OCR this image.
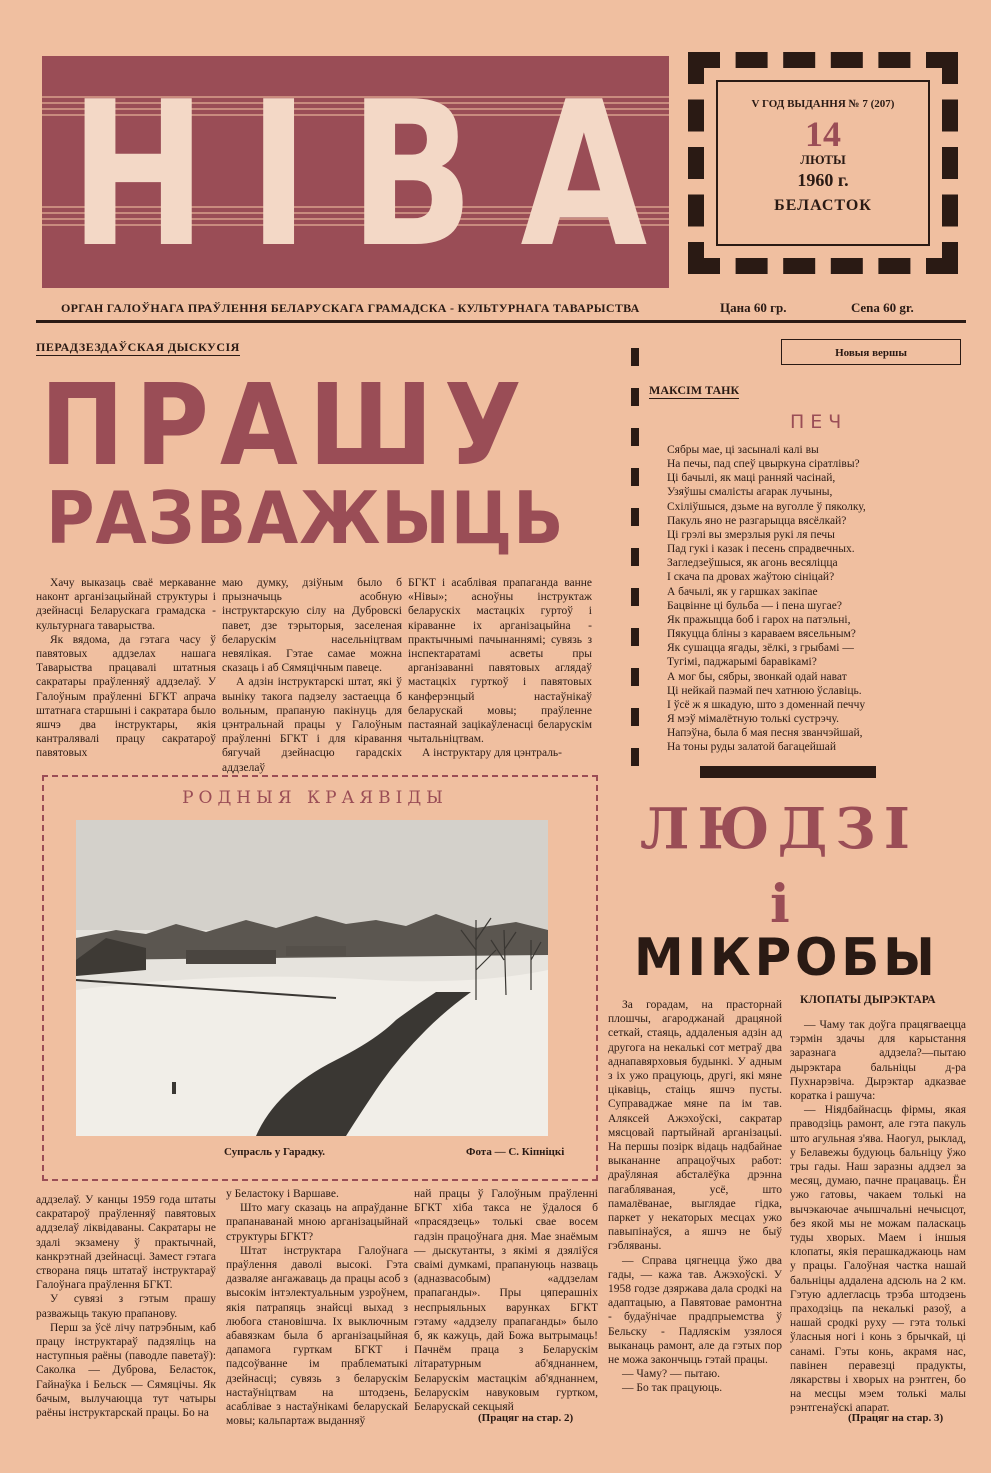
Н І В А	V ГОД ВЫДАННЯ № 7 (207)
14
ЛЮТЫ
1960 г.
БЕЛАСТОК
ОРГАН ГАЛОЎНАГА ПРАЎЛЕННЯ БЕЛАРУСКАГА ГРАМАДСКА - КУЛЬТУРНАГА ТАВАРЫСТВА	Цана 60 гр.	Cena 60 gr.
ПЕРАДЗЕЗДАЎСКАЯ ДЫСКУСІЯ
ПРАШУ
РАЗВАЖЫЦЬ

Хачу выказаць сваё меркаванне наконт арганізацыйнай структуры і дзейнасці Беларускага грамадска - культурнага таварыства.

Як вядома, да гэтага часу ў павятовых аддзелах нашага Таварыства працавалі штатныя сакратары праўленняў аддзелаў. У Галоўным праўленні БГКТ апрача штатнага старшыні і сакратара было яшчэ два інструктары, якія кантралявалі працу сакратароў павятовых

маю думку, дзіўным было б прызначыць асобную інструктарскую сілу на Дубровскі павет, дзе тэрыторыя, заселеная беларускім насельніцтвам невялікая. Гэтае самае можна сказаць і аб Сямяцічным павеце.

А адзін інструктарскі штат, які ў выніку такога падзелу застаецца б вольным, прапаную пакінуць для цэнтральнай працы у Галоўным праўленні БГКТ і для кіравання бягучай дзейнасцю гарадскіх аддзелаў

БГКТ і асаблівая прапаганда ванне «Нівы»; асноўны інструктаж беларускіх мастацкіх гуртоў і кіраванне іх арганізацыйна - практычнымі пачынаннямі; сувязь з інспектаратамі асветы пры арганізаванні павятовых аглядаў мастацкіх гурткоў і павятовых канферэнцый настаўнікаў беларускай мовы; праўленне пастаянай зацікаўленасці беларускім чытальніцтвам.

А інструктару для цэнтраль-

Новыя вершы
МАКСІМ ТАНК
ПЕЧ
Сябры мае, ці засыналі калі вы
На печы, пад спеў цвыркуна сіратлівы?
Ці бачылі, як маці ранняй часінай,
Узяўшы смалісты агарак лучыны,
Схіліўшыся, дзьме на вуголле ў пяколку,
Пакуль яно не разгарыцца вясёлкай?
Ці грэлі вы змерзлыя рукі ля печы
Пад гукі і казак і песень спрадвечных.
Загледзеўшыся, як агонь весяліцца
І скача па дровах жаўтою сініцай?
А бачылі, як у гаршках закіпае
Бацвінне ці бульба — і пена шугае?
Як пражыцца боб і гарох на патэльні,
Пякуцца бліны з караваем вясельным?
Як сушацца ягады, зёлкі, з грыбамі —
Тугімі, паджарымі баравікамі?
А мог бы, сябры, звонкай одай нават
Ці нейкай паэмай печ хатнюю ўславіць.
І ўсё ж я шкадую, што з доменнай печчу
Я мэў мімалётную толькі сустрэчу.
Напэўна, была б мая песня званчэйшай,
На тоны руды залатой багацейшай
РОДНЫЯ КРАЯВІДЫ
Супрасль у Гарадку.	Фота — С. Кіпніцкі

аддзелаў. У канцы 1959 года штаты сакратароў праўленняў павятовых аддзелаў ліквідаваны. Сакратары не здалі экзамену ў практычнай, канкрэтнай дзейнасці. Замест гэтага створана пяць штатаў інструктараў Галоўнага праўлення БГКТ.

У сувязі з гэтым прашу разважыць такую прапанову.

Перш за ўсё лічу патрэбным, каб працу інструктараў падзяліць на наступныя раёны (паводле паветаў): Саколка — Дуброва, Беласток, Гайнаўка і Бельск — Сямяцічы. Як бачым, вылучаюцца тут чатыры раёны інструктарскай працы. Бо на

у Беластоку і Варшаве.

Што магу сказаць на апраўданне прапанаванай мною арганізацыйнай структуры БГКТ?

Штат інструктара Галоўнага праўлення даволі высокі. Гэта дазваляе ангажаваць да працы асоб з высокім інтэлектуальным узроўнем, якія патрапяць знайсці выхад з любога становішча. Іх выключным абавязкам была б арганізацыйная дапамога гурткам БГКТ і падсоўванне ім праблематыкі дзейнасці; сувязь з беларускім настаўніцтвам на штодзень, асаблівае з настаўнікамі беларускай мовы; кальпартаж выданняў

най працы ў Галоўным праўленні БГКТ хіба такса не ўдалося б «прасядзець» толькі свае восем гадзін працоўнага дня. Мае знаёмым — дыскутанты, з якімі я дзяліўся сваімі думкамі, прапануюць назваць (адназвасобым) «аддзелам прапаганды». Пры цяперашніх неспрыяльных варунках БГКТ гэтаму «аддзелу прапаганды» было б, як кажуць, дай Божа вытрымаць! Пачнём праца з Беларускім літаратурным аб'яднаннем, Беларускім мастацкім аб'яднаннем, Беларускім навуковым гуртком, Беларускай секцыяй

(Працяг на стар. 2)
ЛЮДЗІ
і
МІКРОБЫ
КЛОПАТЫ ДЫРЭКТАРА

За горадам, на прасторнай плошчы, агароджанай драцяной сеткай, стаяць, аддаленыя адзін ад другога на некалькі сот метраў два аднапавярховыя будынкі. У адным з іх ужо працуюць, другі, які мяне цікавіць, стаіць яшчэ пусты. Суправаджае мяне па ім тав. Аляксей Ажэхоўскі, сакратар мясцовай партыйнай арганізацыі. На першы позірк відаць надбайнае выкананне апрацоўчых работ: драўляная абсталёўка дрэнна пагабляваная, усё, што памалёванае, выглядае гідка, паркет у некаторых месцах ужо павыпінаўся, а яшчэ не быў гэбляваны.

— Справа цягнецца ўжо два гады, — кажа тав. Ажэхоўскі. У 1958 годзе дзяржава дала сродкі на адаптацыю, а Павятовае рамонтна - будаўнічае прадпрыемства ў Бельску - Падляскім узялося выканаць рамонт, але да гэтых пор не можа закончыць гэтай працы.

— Чаму? — пытаю.

— Бо так працуюць.

— Чаму так доўга працягваецца тэрмін здачы для карыстання заразнага аддзела?—пытаю дырэктара бальніцы д-ра Пухнарэвіча. Дырэктар адказвае коратка і рашуча:

— Ніядбайнасць фірмы, якая праводзіць рамонт, але гэта пакуль што агульная з'ява. Наогул, рыклад, у Белавежы будуюць бальніцу ўжо тры гады. Наш заразны аддзел за месяц, думаю, пачне працаваць. Ён ужо гатовы, чакаем толькі на вычэкаючае ачышчальні нечысцот, без якой мы не можам паласкаць туды хворых. Маем і іншыя клопаты, якія перашкаджаюць нам у працы. Галоўная частка нашай бальніцы аддалена адсюль на 2 км. Гэтую адлегласць трэба штодзень праходзіць па некалькі разоў, а нашай сродкі руху — гэта толькі ўласныя ногі і конь з брычкай, ці санамі. Гэты конь, акрамя нас, павінен перавезці прадукты, лякарствы і хворых на рэнтген, бо на месцы мэем толькі малы рэнтгенаўскі апарат.

(Працяг на стар. 3)
